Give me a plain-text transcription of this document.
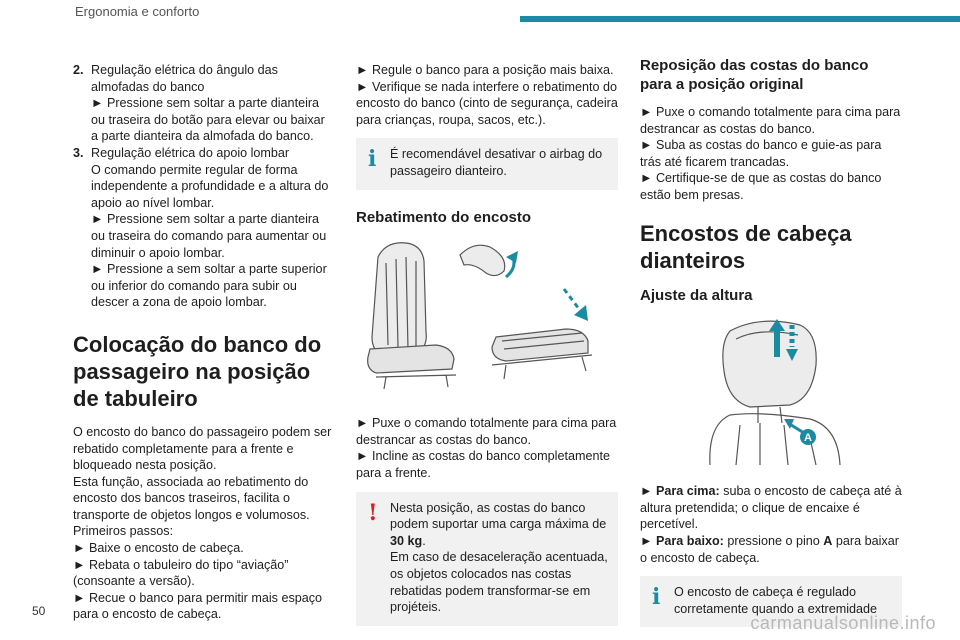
Ergonomia e conforto
50
2. Regulação elétrica do ângulo das almofadas do banco

► Pressione sem soltar a parte dianteira ou traseira do botão para elevar ou baixar a parte dianteira da almofada do banco.

3. Regulação elétrica do apoio lombar

O comando permite regular de forma independente a profundidade e a altura do apoio ao nível lombar.

► Pressione sem soltar a parte dianteira ou traseira do comando para aumentar ou diminuir o apoio lombar.

► Pressione a sem soltar a parte superior ou inferior do comando para subir ou descer a zona de apoio lombar.

Colocação do banco do passageiro na posição de tabuleiro

O encosto do banco do passageiro podem ser rebatido completamente para a frente e bloqueado nesta posição.

Esta função, associada ao rebatimento do encosto dos bancos traseiros, facilita o transporte de objetos longos e volumosos.

Primeiros passos:

► Baixe o encosto de cabeça.

► Rebata o tabuleiro do tipo “aviação” (consoante a versão).

► Recue o banco para permitir mais espaço para o encosto de cabeça.

► Regule o banco para a posição mais baixa.

► Verifique se nada interfere o rebatimento do encosto do banco (cinto de segurança, cadeira para crianças, roupa, sacos, etc.).

i É recomendável desativar o airbag do passageiro dianteiro.

Rebatimento do encosto

► Puxe o comando totalmente para cima para destrancar as costas do banco.

► Incline as costas do banco completamente para a frente.

! Nesta posição, as costas do banco podem suportar uma carga máxima de 30 kg.

Em caso de desaceleração acentuada, os objetos colocados nas costas rebatidas podem transformar-se em projéteis.

Reposição das costas do banco para a posição original

► Puxe o comando totalmente para cima para destrancar as costas do banco.

► Suba as costas do banco e guie-as para trás até ficarem trancadas.

► Certifique-se de que as costas do banco estão bem presas.

Encostos de cabeça dianteiros
Ajuste da altura
A

► Para cima: suba o encosto de cabeça até à altura pretendida; o clique de encaixe é percetível.

► Para baixo: pressione o pino A para baixar o encosto de cabeça.

i O encosto de cabeça é regulado corretamente quando a extremidade

carmanualsonline.info
